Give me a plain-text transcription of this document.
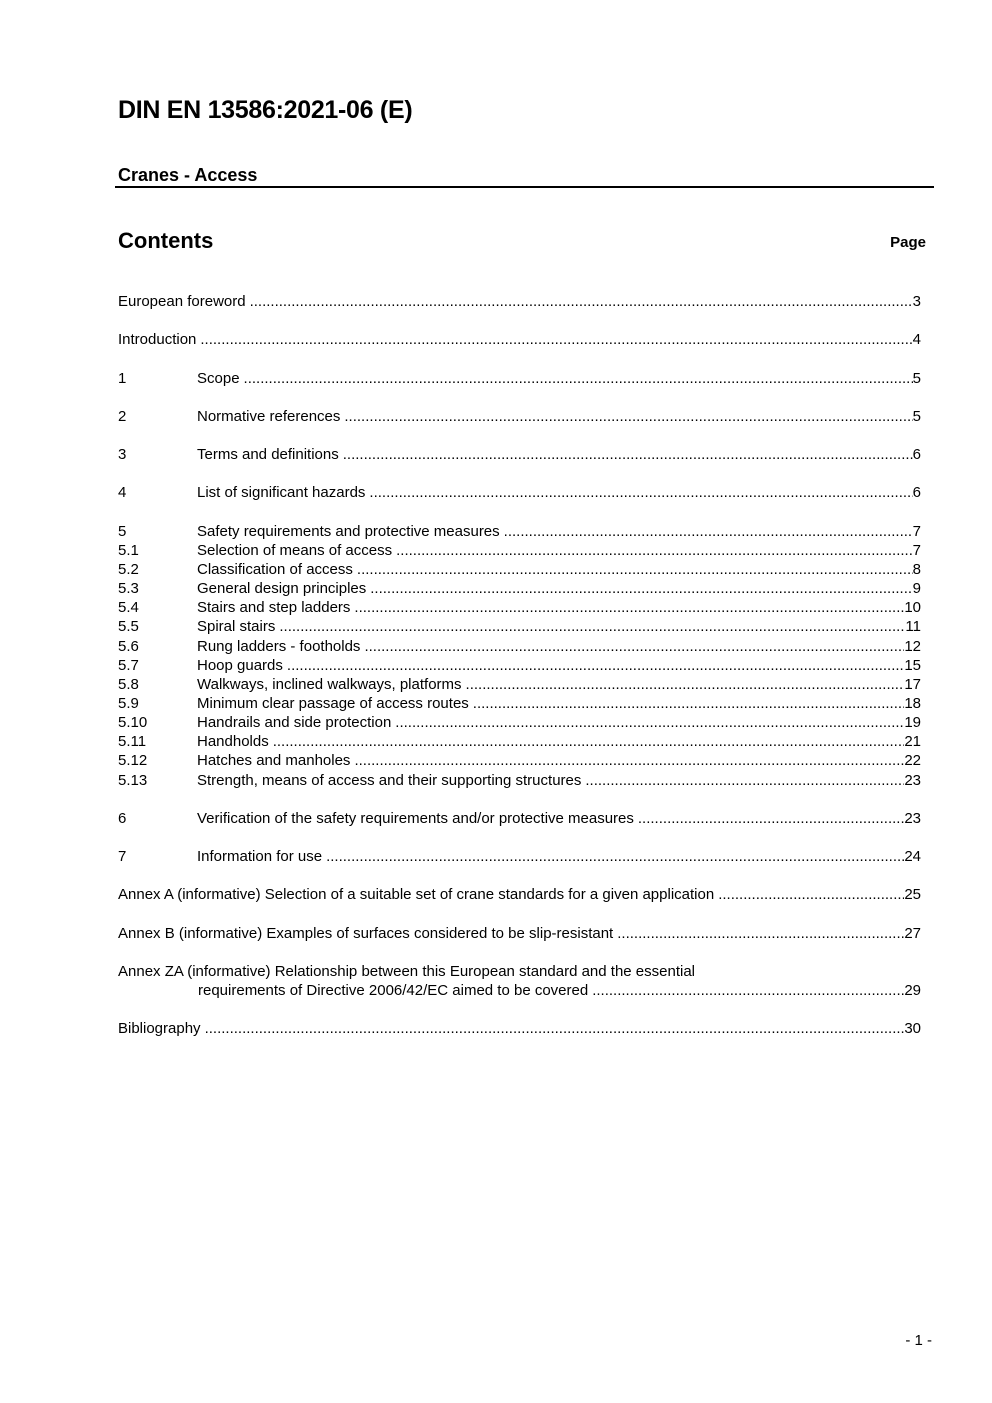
DIN EN 13586:2021-06 (E)
Cranes - Access
Contents	Page
European foreword .....	3
Introduction .....	4
1	Scope .....	5
2	Normative references .....	5
3	Terms and definitions .....	6
4	List of significant hazards .....	6
5	Safety requirements and protective measures .....	7
5.1	Selection of means of access .....	7
5.2	Classification of access .....	8
5.3	General design principles .....	9
5.4	Stairs and step ladders .....	10
5.5	Spiral stairs .....	11
5.6	Rung ladders - footholds .....	12
5.7	Hoop guards .....	15
5.8	Walkways, inclined walkways, platforms .....	17
5.9	Minimum clear passage of access routes .....	18
5.10	Handrails and side protection .....	19
5.11	Handholds .....	21
5.12	Hatches and manholes .....	22
5.13	Strength, means of access and their supporting structures .....	23
6	Verification of the safety requirements and/or protective measures .....	23
7	Information for use .....	24
Annex A (informative) Selection of a suitable set of crane standards for a given application .....	25
Annex B (informative) Examples of surfaces considered to be slip-resistant .....	27
Annex ZA (informative) Relationship between this European standard and the essential
requirements of Directive 2006/42/EC aimed to be covered .....	29
Bibliography .....	30
- 1 -
